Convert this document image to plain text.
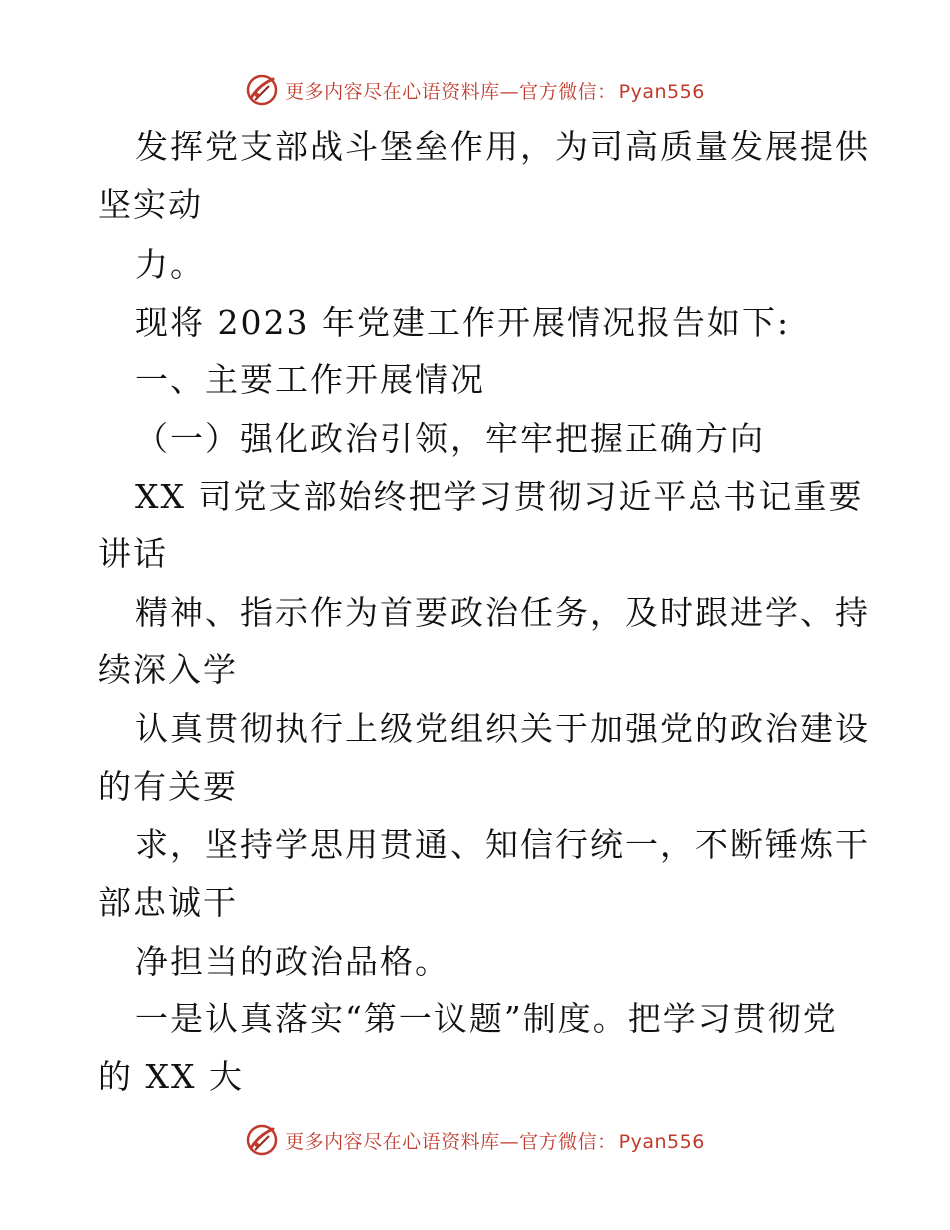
更多内容尽在心语资料库—官方微信： Pyan556
发挥党支部战斗堡垒作用，为司高质量发展提供
坚实动
力。
现将 2023 年党建工作开展情况报告如下:
一、主要工作开展情况
（一）强化政治引领，牢牢把握正确方向
XX 司党支部始终把学习贯彻习近平总书记重要
讲话
精神、指示作为首要政治任务，及时跟进学、持
续深入学
认真贯彻执行上级党组织关于加强党的政治建设
的有关要
求，坚持学思用贯通、知信行统一，不断锤炼干
部忠诚干
净担当的政治品格。
一是认真落实“第一议题”制度。把学习贯彻党
的 XX 大
更多内容尽在心语资料库—官方微信： Pyan556
